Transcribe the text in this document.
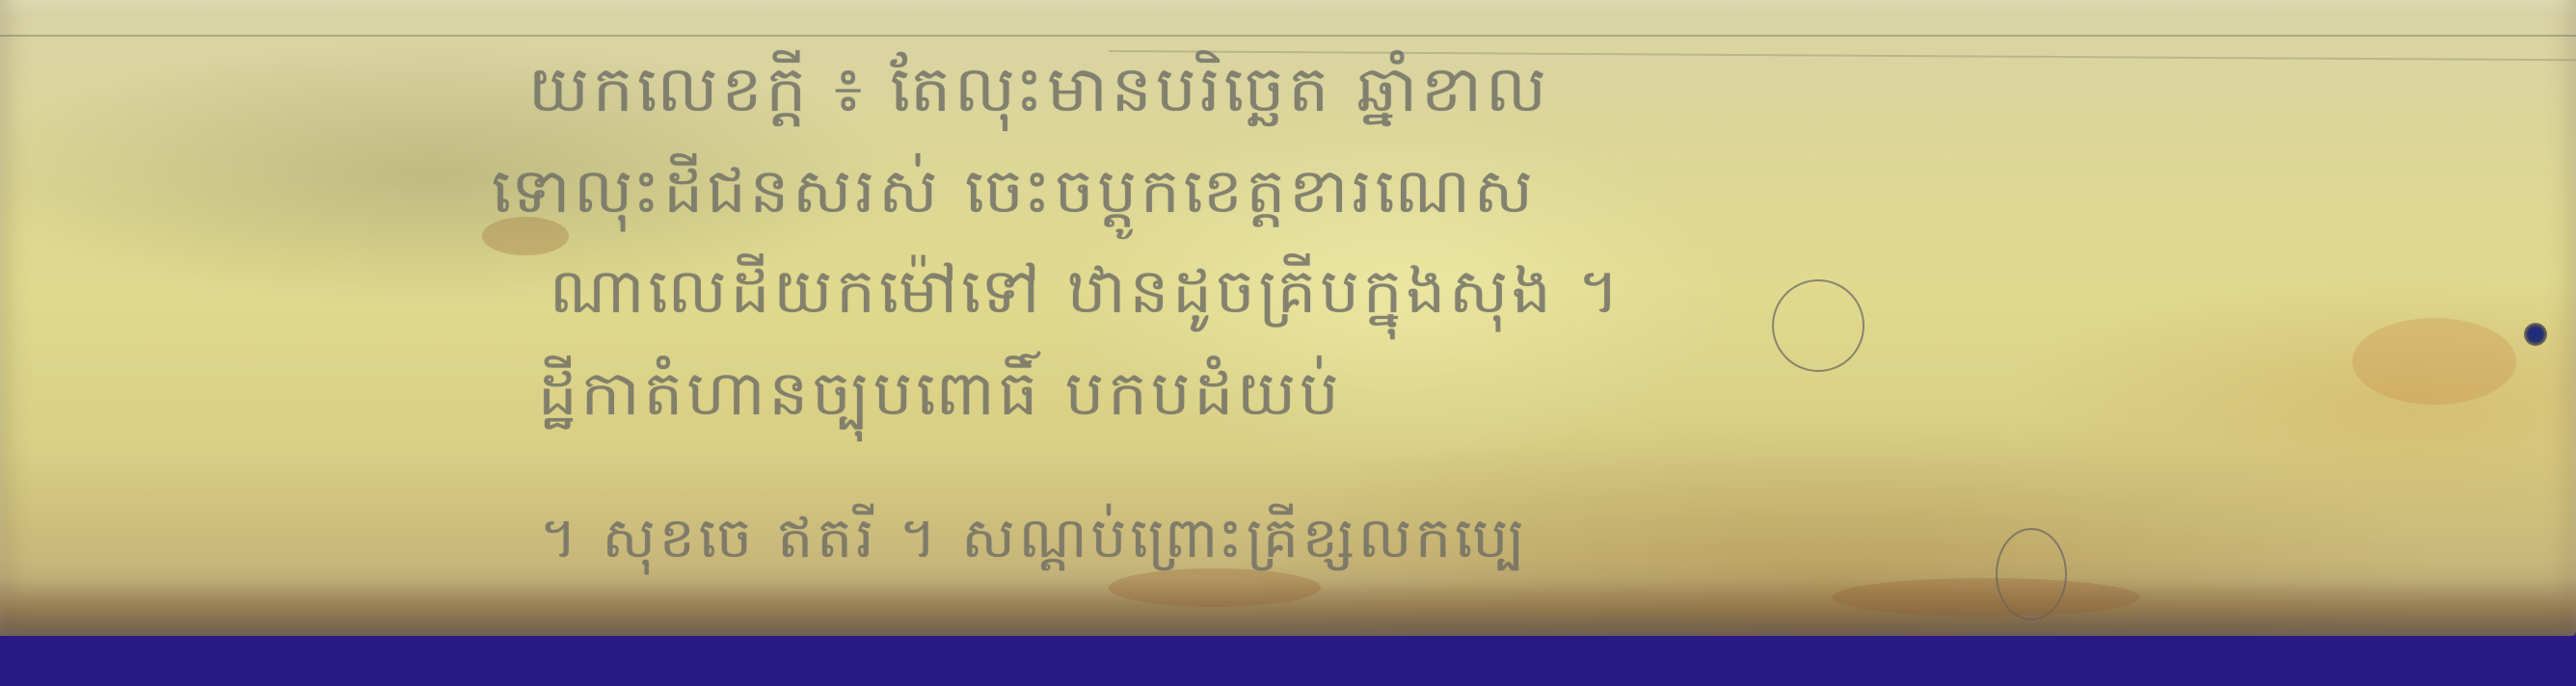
យកលេខក្ដី ៖ តែលុះមានបរិច្ឆេត ឆ្នាំខាល

ទោលុះដីជនសរស់ ចេះចប្តូកខេត្ដខារណេស

ណាលេដីយកម៉ៅទៅ ឋានដូចគ្រីបក្នុងសុង ។

ដ្ឋីកាតំ​ហានច្បុបពោធិ៍ បកបដំយប់

។ សុខចេ ឥតរី ។ សណ្ដប់ព្រោះគ្រីខ្សលកប្បេ
